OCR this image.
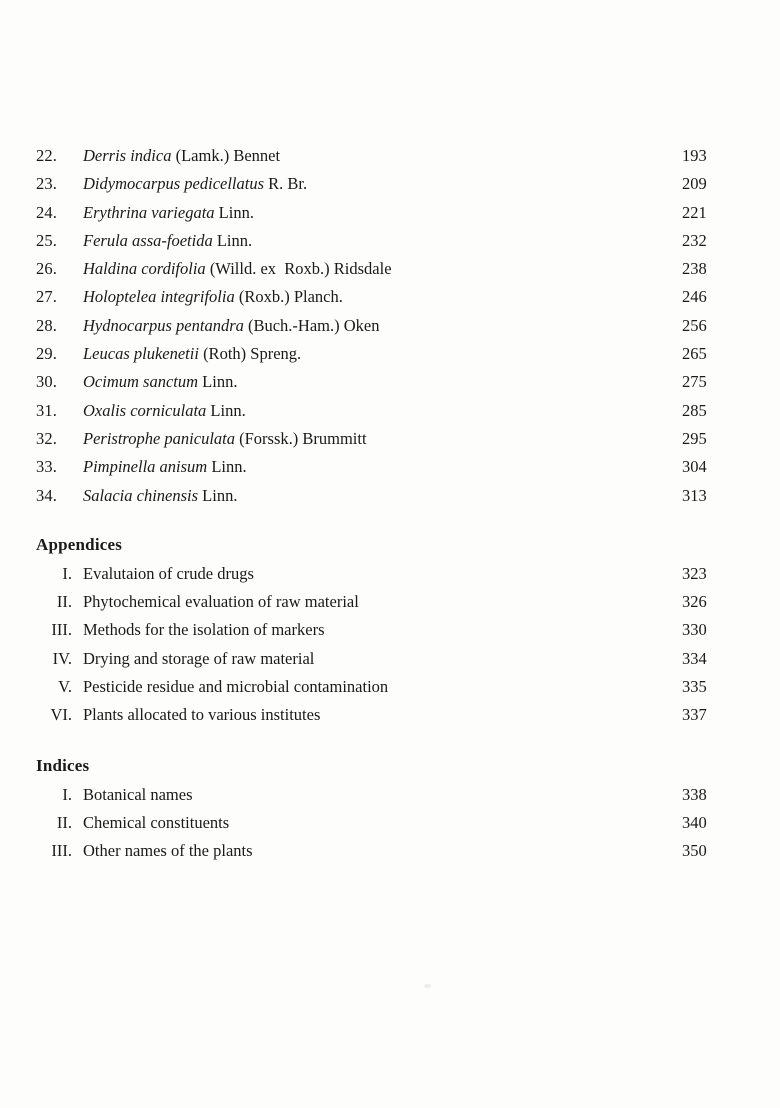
22.	Derris indica (Lamk.) Bennet	193
23.	Didymocarpus pedicellatus R. Br.	209
24.	Erythrina variegata Linn.	221
25.	Ferula assa-foetida Linn.	232
26.	Haldina cordifolia (Willd. ex  Roxb.) Ridsdale	238
27.	Holoptelea integrifolia (Roxb.) Planch.	246
28.	Hydnocarpus pentandra (Buch.-Ham.) Oken	256
29.	Leucas plukenetii (Roth) Spreng.	265
30.	Ocimum sanctum Linn.	275
31.	Oxalis corniculata Linn.	285
32.	Peristrophe paniculata (Forssk.) Brummitt	295
33.	Pimpinella anisum Linn.	304
34.	Salacia chinensis Linn.	313
Appendices
I. Evalutaion of crude drugs	323
II. Phytochemical evaluation of raw material	326
III. Methods for the isolation of markers	330
IV. Drying and storage of raw material	334
V. Pesticide residue and microbial contamination	335
VI. Plants allocated to various institutes	337
Indices
I. Botanical names	338
II. Chemical constituents	340
III. Other names of the plants	350
